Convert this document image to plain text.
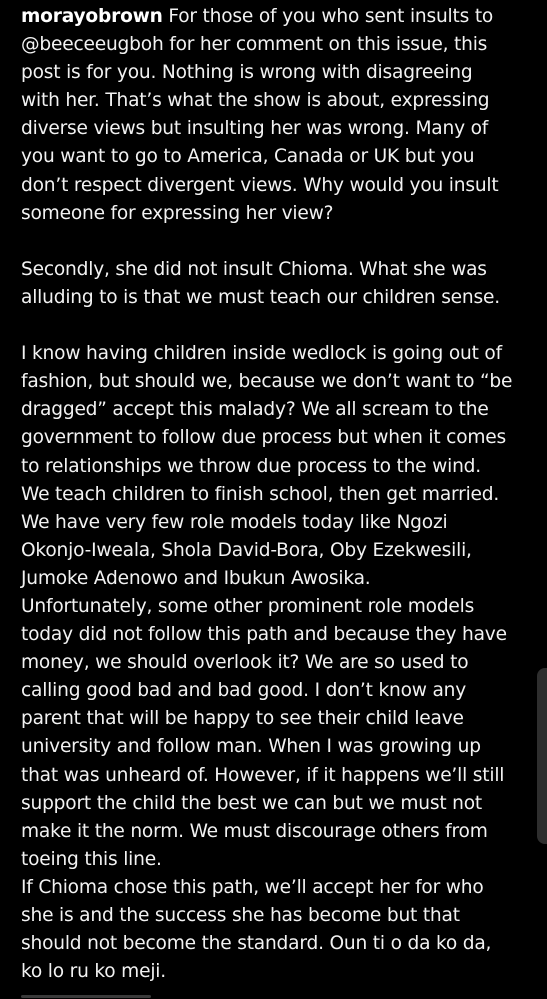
morayobrown For those of you who sent insults to
@beeceeugboh for her comment on this issue, this
post is for you. Nothing is wrong with disagreeing
with her. That’s what the show is about, expressing
diverse views but insulting her was wrong. Many of
you want to go to America, Canada or UK but you
don’t respect divergent views. Why would you insult
someone for expressing her view?
Secondly, she did not insult Chioma. What she was
alluding to is that we must teach our children sense.
I know having children inside wedlock is going out of
fashion, but should we, because we don’t want to “be
dragged” accept this malady? We all scream to the
government to follow due process but when it comes
to relationships we throw due process to the wind.
We teach children to finish school, then get married.
We have very few role models today like Ngozi
Okonjo-Iweala, Shola David-Bora, Oby Ezekwesili,
Jumoke Adenowo and Ibukun Awosika.
Unfortunately, some other prominent role models
today did not follow this path and because they have
money, we should overlook it? We are so used to
calling good bad and bad good. I don’t know any
parent that will be happy to see their child leave
university and follow man. When I was growing up
that was unheard of. However, if it happens we’ll still
support the child the best we can but we must not
make it the norm. We must discourage others from
toeing this line.
If Chioma chose this path, we’ll accept her for who
she is and the success she has become but that
should not become the standard. Oun ti o da ko da,
ko lo ru ko meji.
